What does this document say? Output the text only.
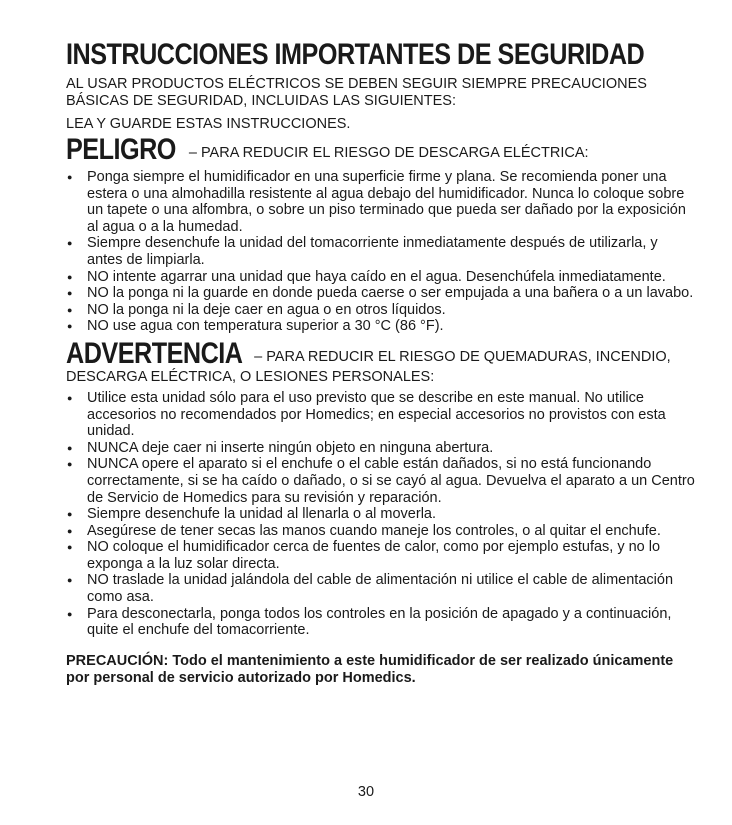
INSTRUCCIONES IMPORTANTES DE SEGURIDAD

AL USAR PRODUCTOS ELÉCTRICOS SE DEBEN SEGUIR SIEMPRE PRECAUCIONES BÁSICAS DE SEGURIDAD, INCLUIDAS LAS SIGUIENTES:

LEA Y GUARDE ESTAS INSTRUCCIONES.

PELIGRO – PARA REDUCIR EL RIESGO DE DESCARGA ELÉCTRICA:

● Ponga siempre el humidificador en una superficie firme y plana. Se recomienda poner una estera o una almohadilla resistente al agua debajo del humidificador. Nunca lo coloque sobre un tapete o una alfombra, o sobre un piso terminado que pueda ser dañado por la exposición al agua o a la humedad.
● Siempre desenchufe la unidad del tomacorriente inmediatamente después de utilizarla, y antes de limpiarla.
● NO intente agarrar una unidad que haya caído en el agua. Desenchúfela inmediatamente.
● NO la ponga ni la guarde en donde pueda caerse o ser empujada a una bañera o a un lavabo.
● NO la ponga ni la deje caer en agua o en otros líquidos.
● NO use agua con temperatura superior a 30 °C (86 °F).

ADVERTENCIA – PARA REDUCIR EL RIESGO DE QUEMADURAS, INCENDIO, DESCARGA ELÉCTRICA, O LESIONES PERSONALES:

● Utilice esta unidad sólo para el uso previsto que se describe en este manual. No utilice accesorios no recomendados por Homedics; en especial accesorios no provistos con esta unidad.
● NUNCA deje caer ni inserte ningún objeto en ninguna abertura.
● NUNCA opere el aparato si el enchufe o el cable están dañados, si no está funcionando correctamente, si se ha caído o dañado, o si se cayó al agua. Devuelva el aparato a un Centro de Servicio de Homedics para su revisión y reparación.
● Siempre desenchufe la unidad al llenarla o al moverla.
● Asegúrese de tener secas las manos cuando maneje los controles, o al quitar el enchufe.
● NO coloque el humidificador cerca de fuentes de calor, como por ejemplo estufas, y no lo exponga a la luz solar directa.
● NO traslade la unidad jalándola del cable de alimentación ni utilice el cable de alimentación como asa.
● Para desconectarla, ponga todos los controles en la posición de apagado y a continuación, quite el enchufe del tomacorriente.

PRECAUCIÓN: Todo el mantenimiento a este humidificador de ser realizado únicamente por personal de servicio autorizado por Homedics.

30
